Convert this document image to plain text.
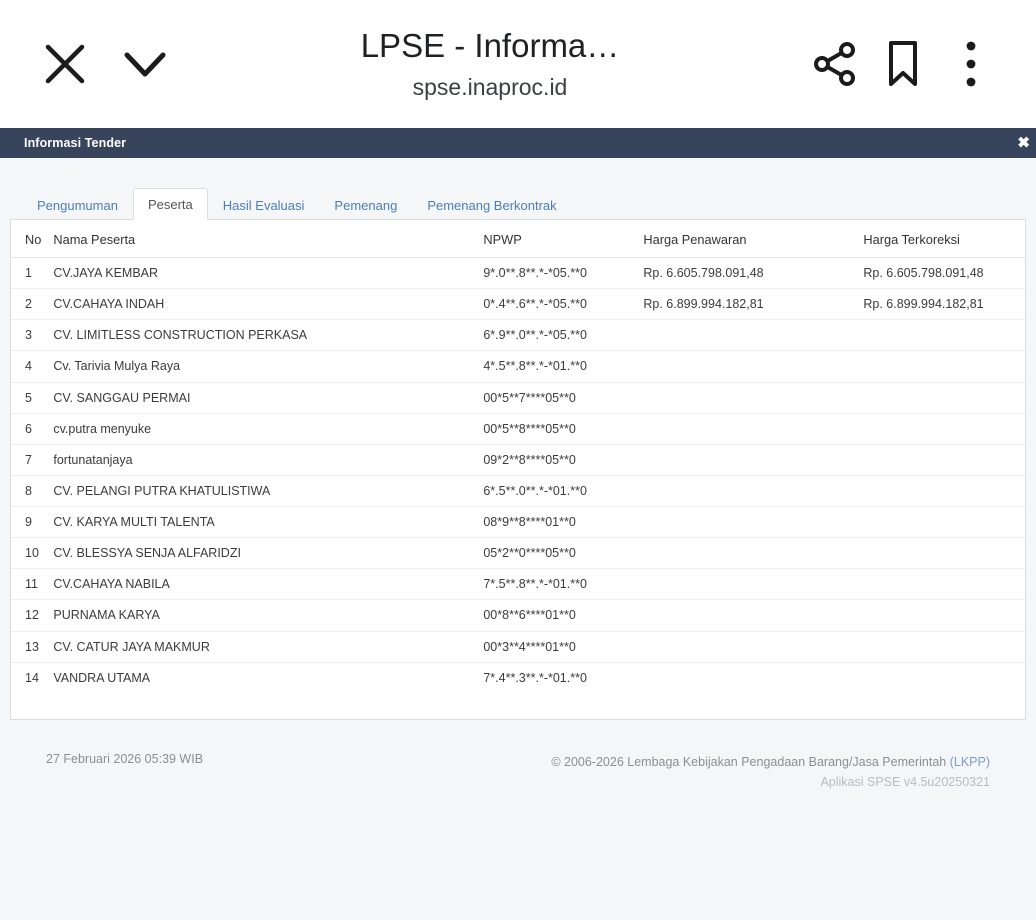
LPSE - Informa…
spse.inaproc.id
Informasi Tender	✖
Pengumuman	Peserta	Hasil Evaluasi	Pemenang	Pemenang Berkontrak
No	Nama Peserta	NPWP	Harga Penawaran	Harga Terkoreksi
1	CV.JAYA KEMBAR	9*.0**.8**.*-*05.**0	Rp. 6.605.798.091,48	Rp. 6.605.798.091,48
2	CV.CAHAYA INDAH	0*.4**.6**.*-*05.**0	Rp. 6.899.994.182,81	Rp. 6.899.994.182,81
3	CV. LIMITLESS CONSTRUCTION PERKASA	6*.9**.0**.*-*05.**0		
4	Cv. Tarivia Mulya Raya	4*.5**.8**.*-*01.**0		
5	CV. SANGGAU PERMAI	00*5**7****05**0		
6	cv.putra menyuke	00*5**8****05**0		
7	fortunatanjaya	09*2**8****05**0		
8	CV. PELANGI PUTRA KHATULISTIWA	6*.5**.0**.*-*01.**0		
9	CV. KARYA MULTI TALENTA	08*9**8****01**0		
10	CV. BLESSYA SENJA ALFARIDZI	05*2**0****05**0		
11	CV.CAHAYA NABILA	7*.5**.8**.*-*01.**0		
12	PURNAMA KARYA	00*8**6****01**0		
13	CV. CATUR JAYA MAKMUR	00*3**4****01**0		
14	VANDRA UTAMA	7*.4**.3**.*-*01.**0		
27 Februari 2026 05:39 WIB	© 2006-2026 Lembaga Kebijakan Pengadaan Barang/Jasa Pemerintah (LKPP)
Aplikasi SPSE v4.5u20250321
